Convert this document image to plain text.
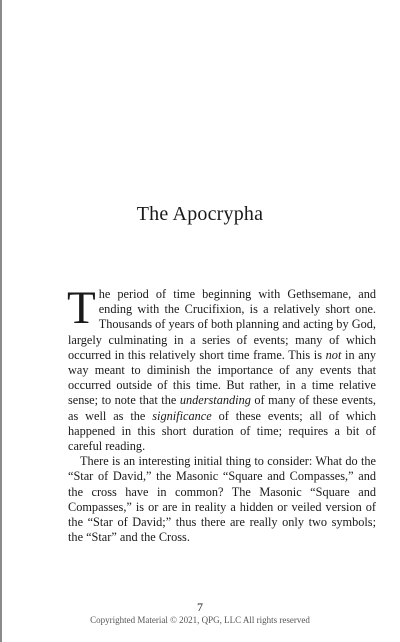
The Apocrypha

The period of time beginning with Gethsemane, and ending with the Crucifixion, is a relatively short one. Thousands of years of both planning and acting by God, largely culminating in a series of events; many of which occurred in this relatively short time frame. This is not in any way meant to diminish the importance of any events that occurred outside of this time. But rather, in a time relative sense; to note that the understanding of many of these events, as well as the significance of these events; all of which happened in this short duration of time; requires a bit of careful reading.

There is an interesting initial thing to consider: What do the “Star of David,” the Masonic “Square and Compasses,” and the cross have in common? The Masonic “Square and Compasses,” is or are in reality a hidden or veiled version of the “Star of David;” thus there are really only two symbols; the “Star” and the Cross.

7
Copyrighted Material © 2021, QPG, LLC All rights reserved
